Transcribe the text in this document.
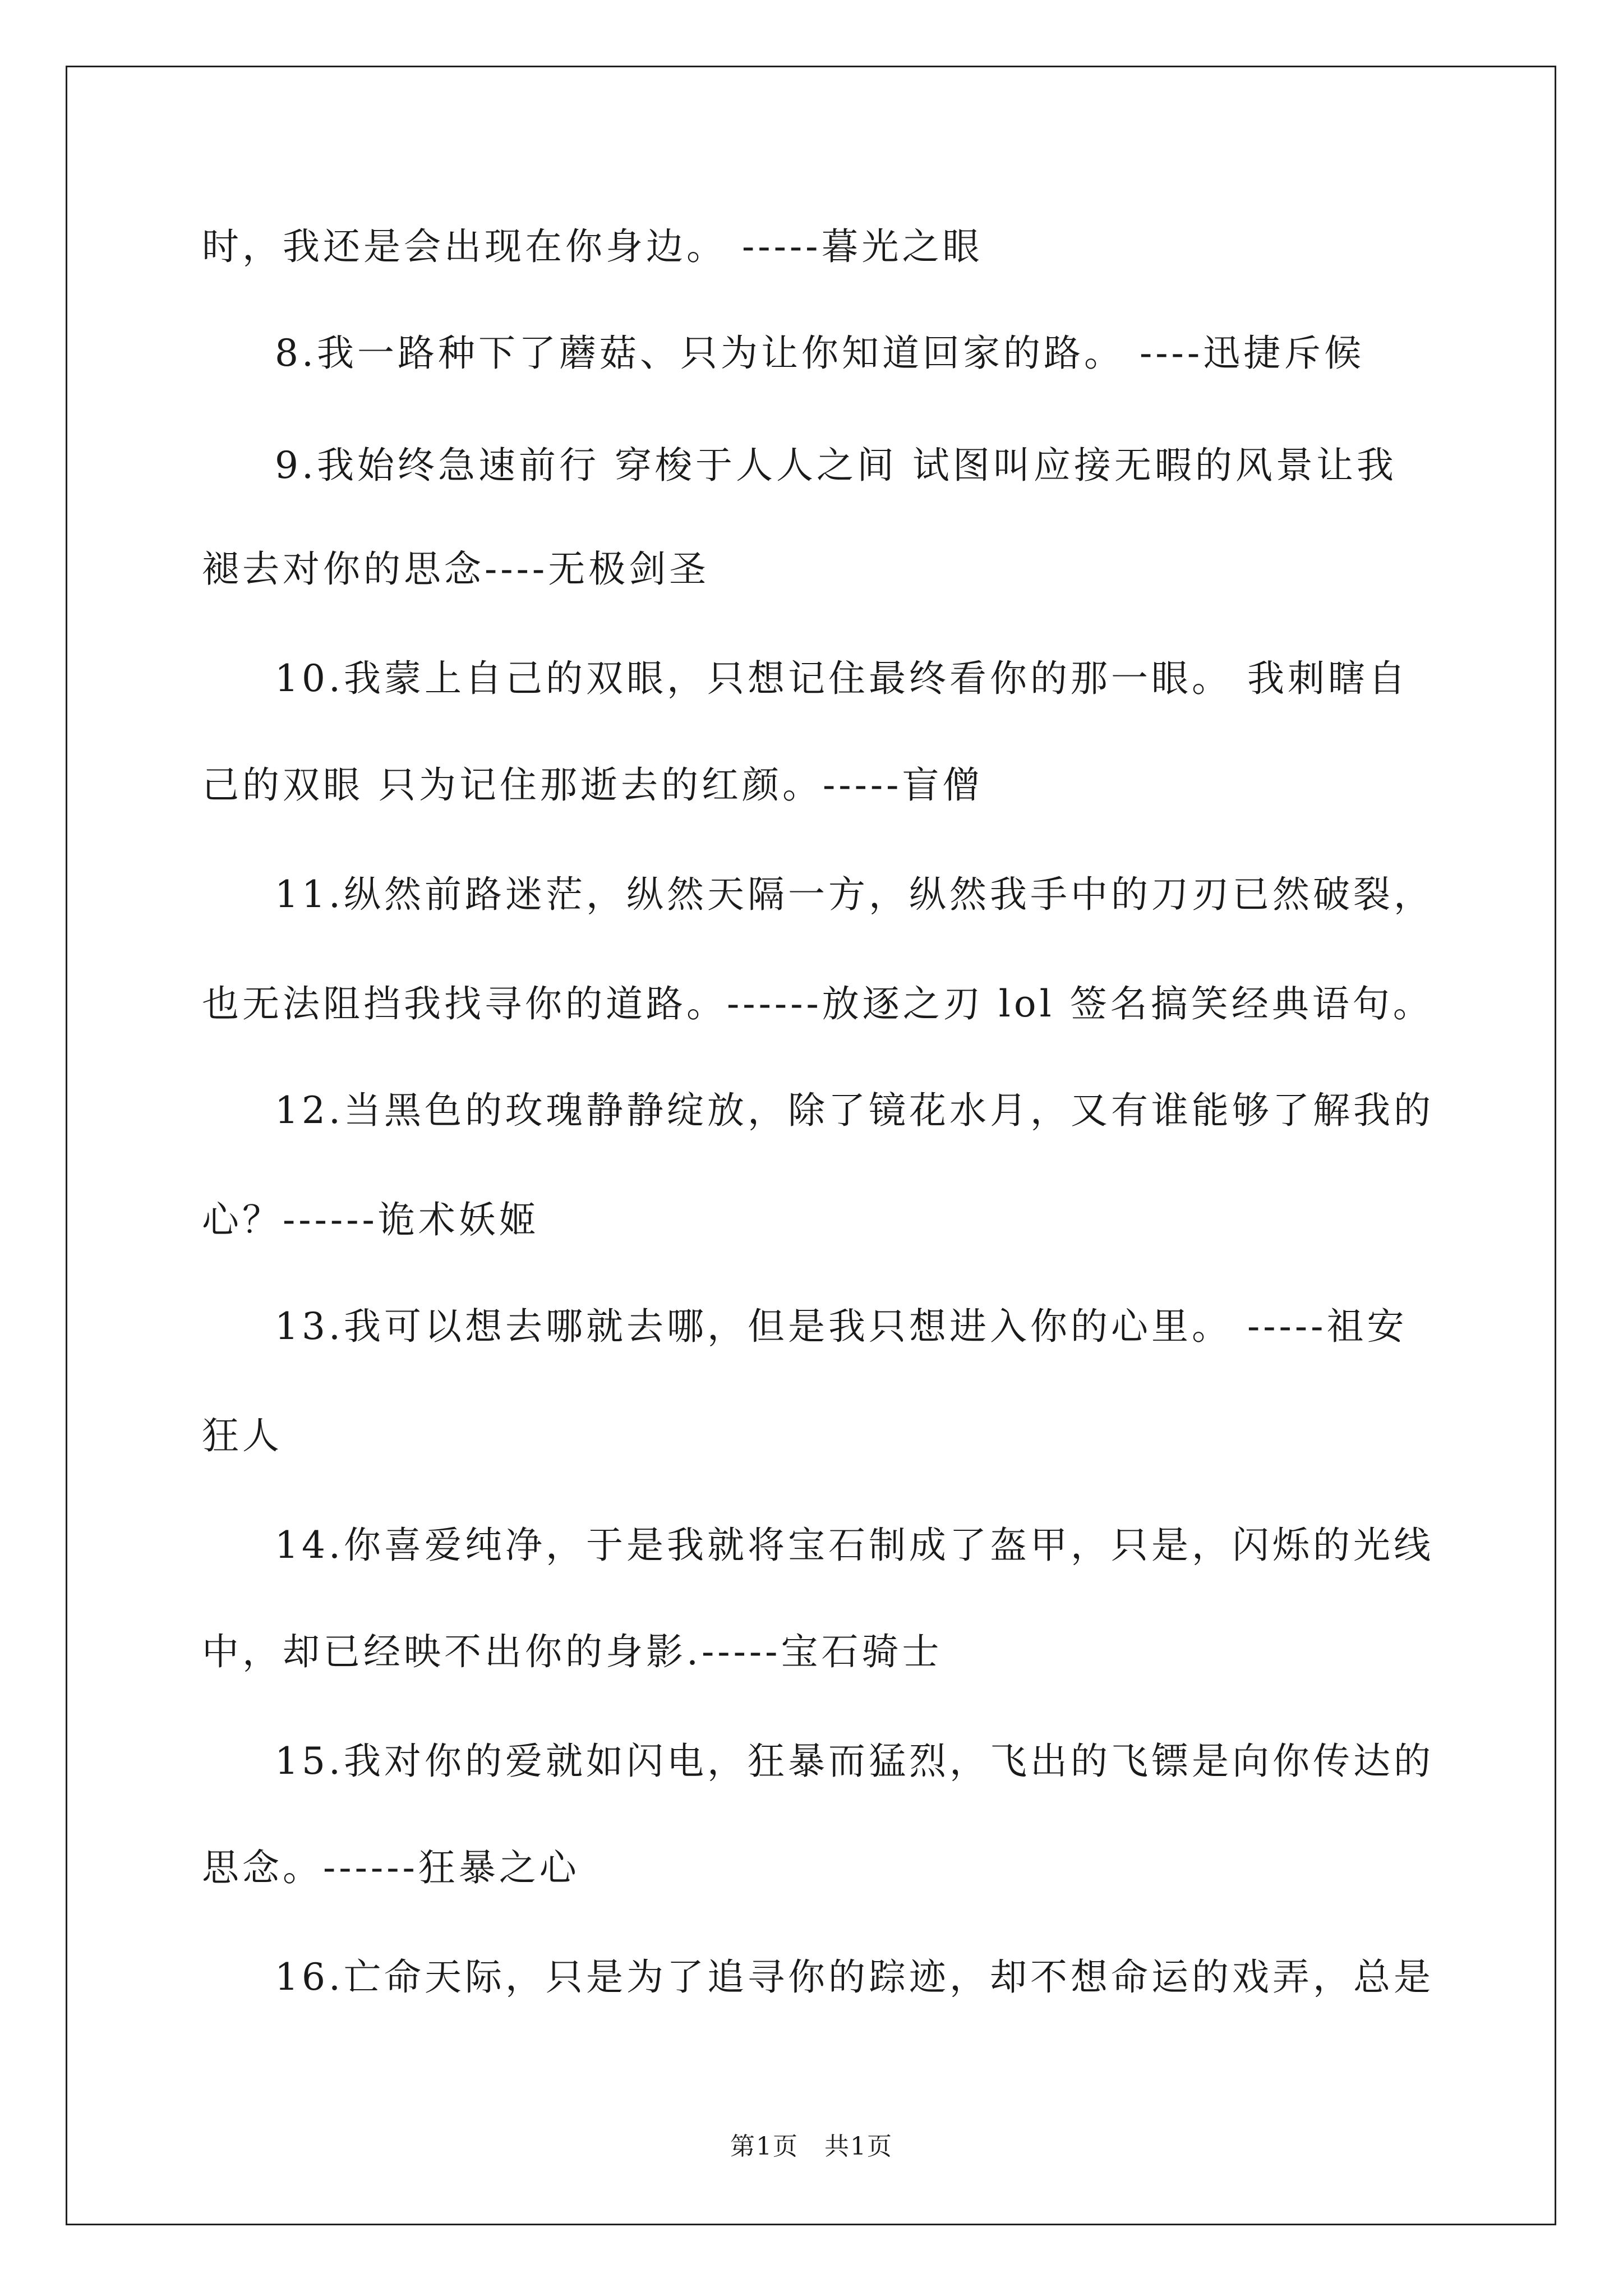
时，我还是会出现在你身边。 -----暮光之眼
8.我一路种下了蘑菇、只为让你知道回家的路。 ----迅捷斥候
9.我始终急速前行 穿梭于人人之间 试图叫应接无暇的风景让我
褪去对你的思念----无极剑圣
10.我蒙上自己的双眼，只想记住最终看你的那一眼。 我刺瞎自
己的双眼 只为记住那逝去的红颜。-----盲僧
11.纵然前路迷茫，纵然天隔一方，纵然我手中的刀刃已然破裂，
也无法阻挡我找寻你的道路。------放逐之刃 lol 签名搞笑经典语句。
12.当黑色的玫瑰静静绽放，除了镜花水月，又有谁能够了解我的
心？------诡术妖姬
13.我可以想去哪就去哪，但是我只想进入你的心里。 -----祖安
狂人
14.你喜爱纯净，于是我就将宝石制成了盔甲，只是，闪烁的光线
中，却已经映不出你的身影.-----宝石骑士
15.我对你的爱就如闪电，狂暴而猛烈，飞出的飞镖是向你传达的
思念。------狂暴之心
16.亡命天际，只是为了追寻你的踪迹，却不想命运的戏弄，总是
第1页　共1页
